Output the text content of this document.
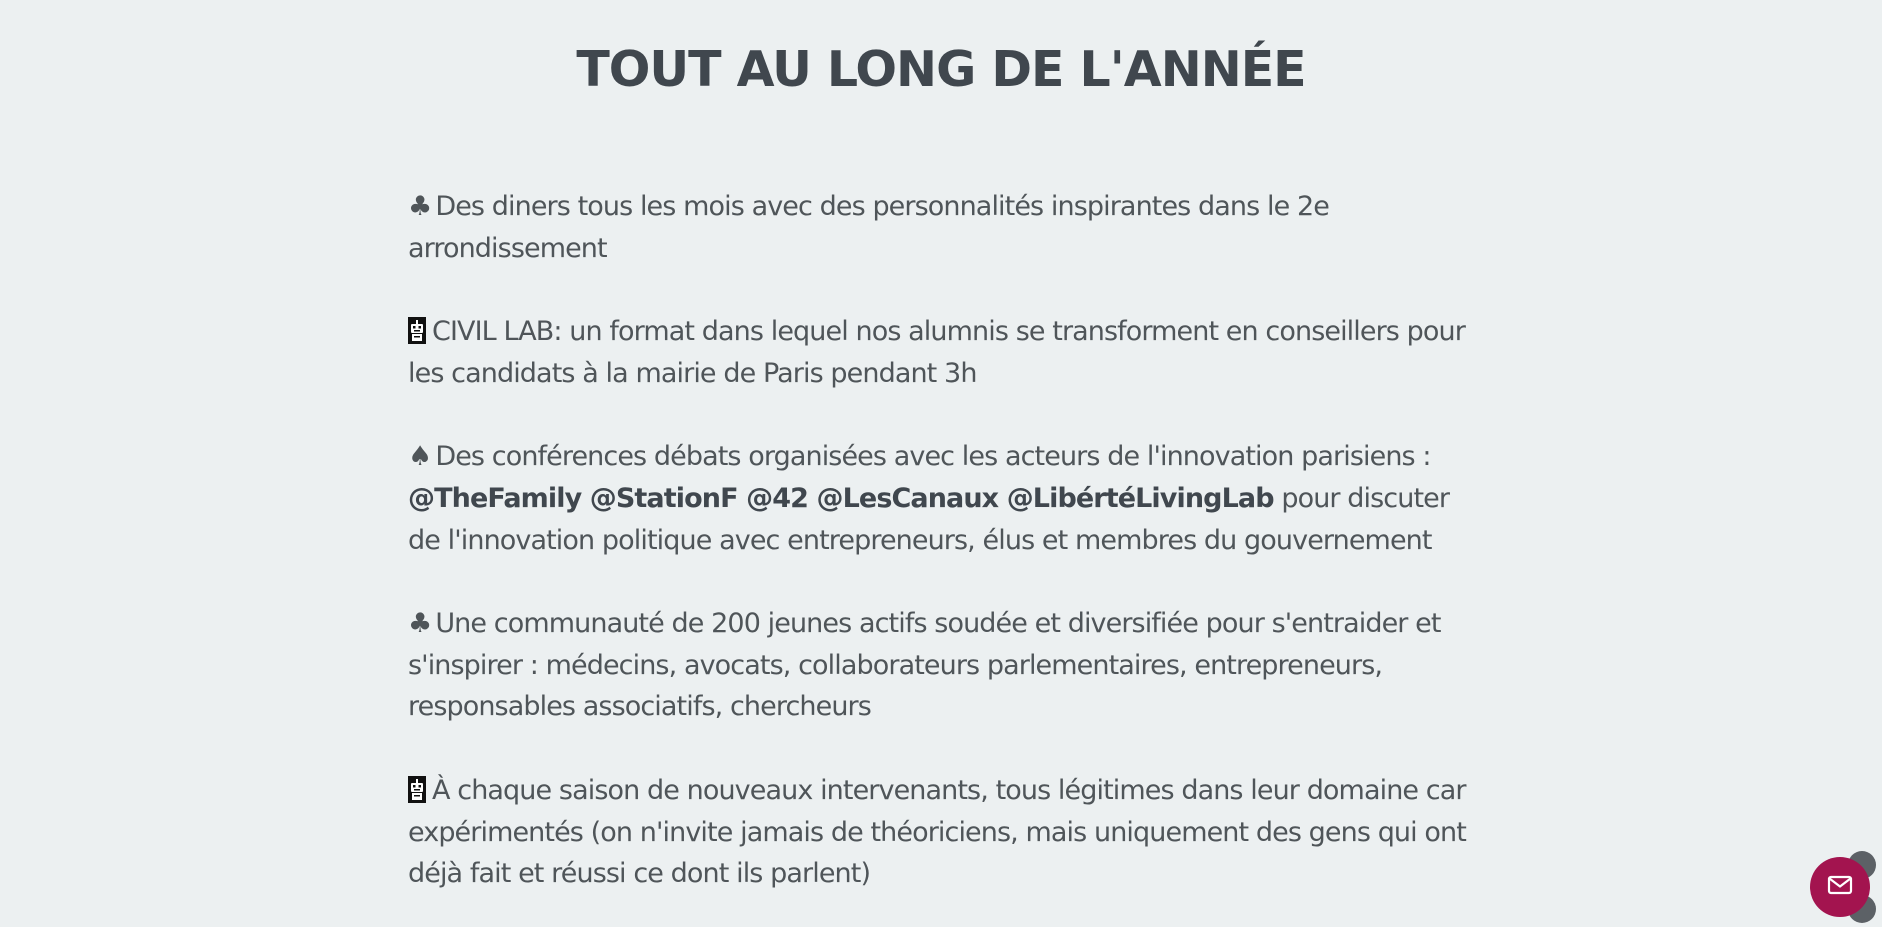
TOUT AU LONG DE L'ANNÉE

♣Des diners tous les mois avec des personnalités inspirantes dans le 2e arrondissement

CIVIL LAB: un format dans lequel nos alumnis se transforment en conseillers pour les candidats à la mairie de Paris pendant 3h

♠Des conférences débats organisées avec les acteurs de l'innovation parisiens :
@TheFamily @StationF @42 @LesCanaux @LibértéLivingLab pour discuter de l'innovation politique avec entrepreneurs, élus et membres du gouvernement

♣Une communauté de 200 jeunes actifs soudée et diversifiée pour s'entraider et s'inspirer : médecins, avocats, collaborateurs parlementaires, entrepreneurs, responsables associatifs, chercheurs

À chaque saison de nouveaux intervenants, tous légitimes dans leur domaine car expérimentés (on n'invite jamais de théoriciens, mais uniquement des gens qui ont déjà fait et réussi ce dont ils parlent)
